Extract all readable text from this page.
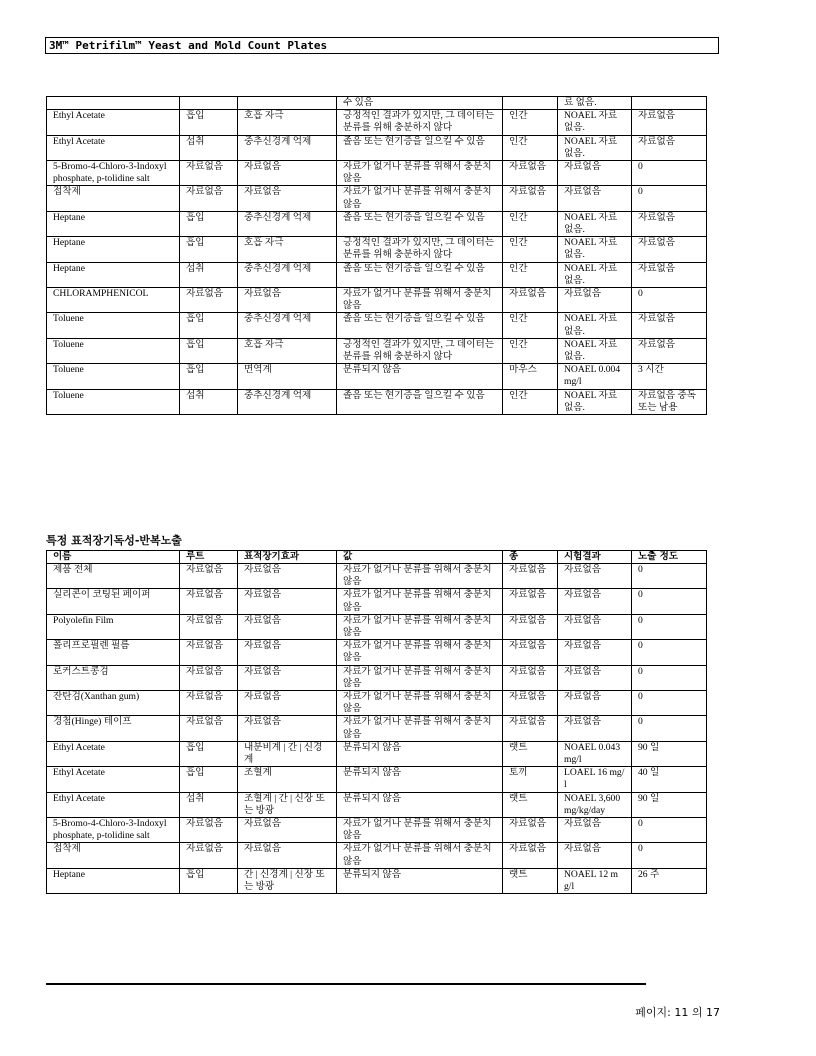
3M™ Petrifilm™ Yeast and Mold Count Plates
			수 있음		료 없음.	
Ethyl Acetate	흡입	호흡 자극	긍정적인 결과가 있지만, 그 데이터는 분류를 위해 충분하지 않다	인간	NOAEL 자료 없음.	자료없음
Ethyl Acetate	섭취	중추신경계 억제	졸음 또는 현기증을 일으킬 수 있음	인간	NOAEL 자료 없음.	자료없음
5-Bromo-4-Chloro-3-Indoxyl phosphate, p-tolidine salt	자료없음	자료없음	자료가 없거나 분류를 위해서 충분치 않음	자료없음	자료없음	0
접착제	자료없음	자료없음	자료가 없거나 분류를 위해서 충분치 않음	자료없음	자료없음	0
Heptane	흡입	중추신경계 억제	졸음 또는 현기증을 일으킬 수 있음	인간	NOAEL 자료 없음.	자료없음
Heptane	흡입	호흡 자극	긍정적인 결과가 있지만, 그 데이터는 분류를 위해 충분하지 않다	인간	NOAEL 자료 없음.	자료없음
Heptane	섭취	중추신경계 억제	졸음 또는 현기증을 일으킬 수 있음	인간	NOAEL 자료 없음.	자료없음
CHLORAMPHENICOL	자료없음	자료없음	자료가 없거나 분류를 위해서 충분치 않음	자료없음	자료없음	0
Toluene	흡입	중추신경계 억제	졸음 또는 현기증을 일으킬 수 있음	인간	NOAEL 자료 없음.	자료없음
Toluene	흡입	호흡 자극	긍정적인 결과가 있지만, 그 데이터는 분류를 위해 충분하지 않다	인간	NOAEL 자료 없음.	자료없음
Toluene	흡입	면역계	분류되지 않음	마우스	NOAEL 0.004 mg/l	3 시간
Toluene	섭취	중추신경계 억제	졸음 또는 현기증을 일으킬 수 있음	인간	NOAEL 자료 없음.	자료없음 중독 또는 남용
특정 표적장기독성-반복노출
이름	루트	표적장기효과	값	종	시험결과	노출 정도
제품 전체	자료없음	자료없음	자료가 없거나 분류를 위해서 충분치 않음	자료없음	자료없음	0
실리콘이 코팅된 페이퍼	자료없음	자료없음	자료가 없거나 분류를 위해서 충분치 않음	자료없음	자료없음	0
Polyolefin Film	자료없음	자료없음	자료가 없거나 분류를 위해서 충분치 않음	자료없음	자료없음	0
폴리프로필렌 필름	자료없음	자료없음	자료가 없거나 분류를 위해서 충분치 않음	자료없음	자료없음	0
로커스트콩검	자료없음	자료없음	자료가 없거나 분류를 위해서 충분치 않음	자료없음	자료없음	0
잔탄검(Xanthan gum)	자료없음	자료없음	자료가 없거나 분류를 위해서 충분치 않음	자료없음	자료없음	0
경첩(Hinge) 테이프	자료없음	자료없음	자료가 없거나 분류를 위해서 충분치 않음	자료없음	자료없음	0
Ethyl Acetate	흡입	내분비계 | 간 | 신경계	분류되지 않음	랫트	NOAEL 0.043 mg/l	90 일
Ethyl Acetate	흡입	조혈계	분류되지 않음	토끼	LOAEL 16 mg/l	40 일
Ethyl Acetate	섭취	조혈계 | 간 | 신장 또는 방광	분류되지 않음	랫트	NOAEL 3,600 mg/kg/day	90 일
5-Bromo-4-Chloro-3-Indoxyl phosphate, p-tolidine salt	자료없음	자료없음	자료가 없거나 분류를 위해서 충분치 않음	자료없음	자료없음	0
접착제	자료없음	자료없음	자료가 없거나 분류를 위해서 충분치 않음	자료없음	자료없음	0
Heptane	흡입	간 | 신경계 | 신장 또는 방광	분류되지 않음	랫트	NOAEL 12 mg/l	26 주
페이지: 11 의 17
